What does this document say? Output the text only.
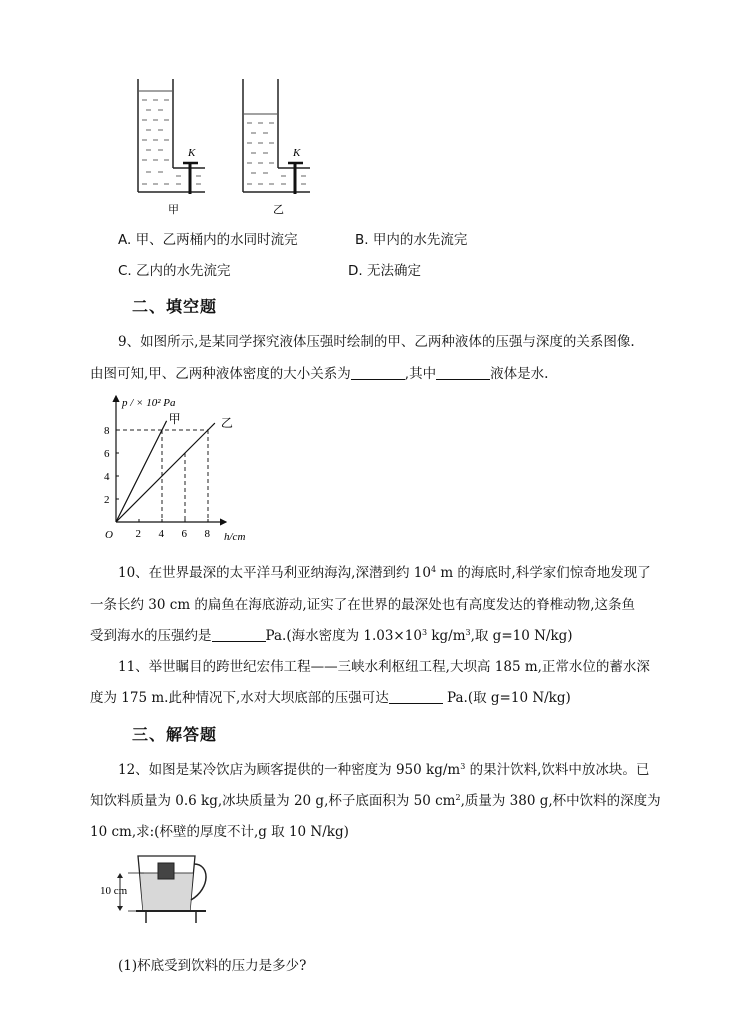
K	K
甲	乙
A. 甲、乙两桶内的水同时流完	B. 甲内的水先流完
C. 乙内的水先流完	D. 无法确定
二、填空题
9、如图所示,是某同学探究液体压强时绘制的甲、乙两种液体的压强与深度的关系图像.
由图可知,甲、乙两种液体密度的大小关系为	,其中	液体是水.
2 4 6 8
2
4
6
8
甲	乙
p / × 10² Pa
h/cm
O
10、在世界最深的太平洋马利亚纳海沟,深潜到约 $10^4$ m 的海底时,科学家们惊奇地发现了
一条长约 30 cm 的扁鱼在海底游动,证实了在世界的最深处也有高度发达的脊椎动物,这条鱼
受到海水的压强约是	Pa.(海水密度为 $1.03\times 10^3$ $kg/m^3$,取 g=10 N/kg)
11、举世瞩目的跨世纪宏伟工程——三峡水利枢纽工程,大坝高 185 m,正常水位的蓄水深
度为 175 m.此种情况下,水对大坝底部的压强可达	Pa.(取 g=10 N/kg)
三、解答题
12、如图是某冷饮店为顾客提供的一种密度为 950 $kg/m^3$ 的果汁饮料,饮料中放冰块。已
知饮料质量为 0.6 kg,冰块质量为 20 g,杯子底面积为 50 $cm^2$,质量为 380 g,杯中饮料的深度为
10 cm,求:(杯壁的厚度不计,g 取 10 N/kg)
10 cm
(1)杯底受到饮料的压力是多少?
